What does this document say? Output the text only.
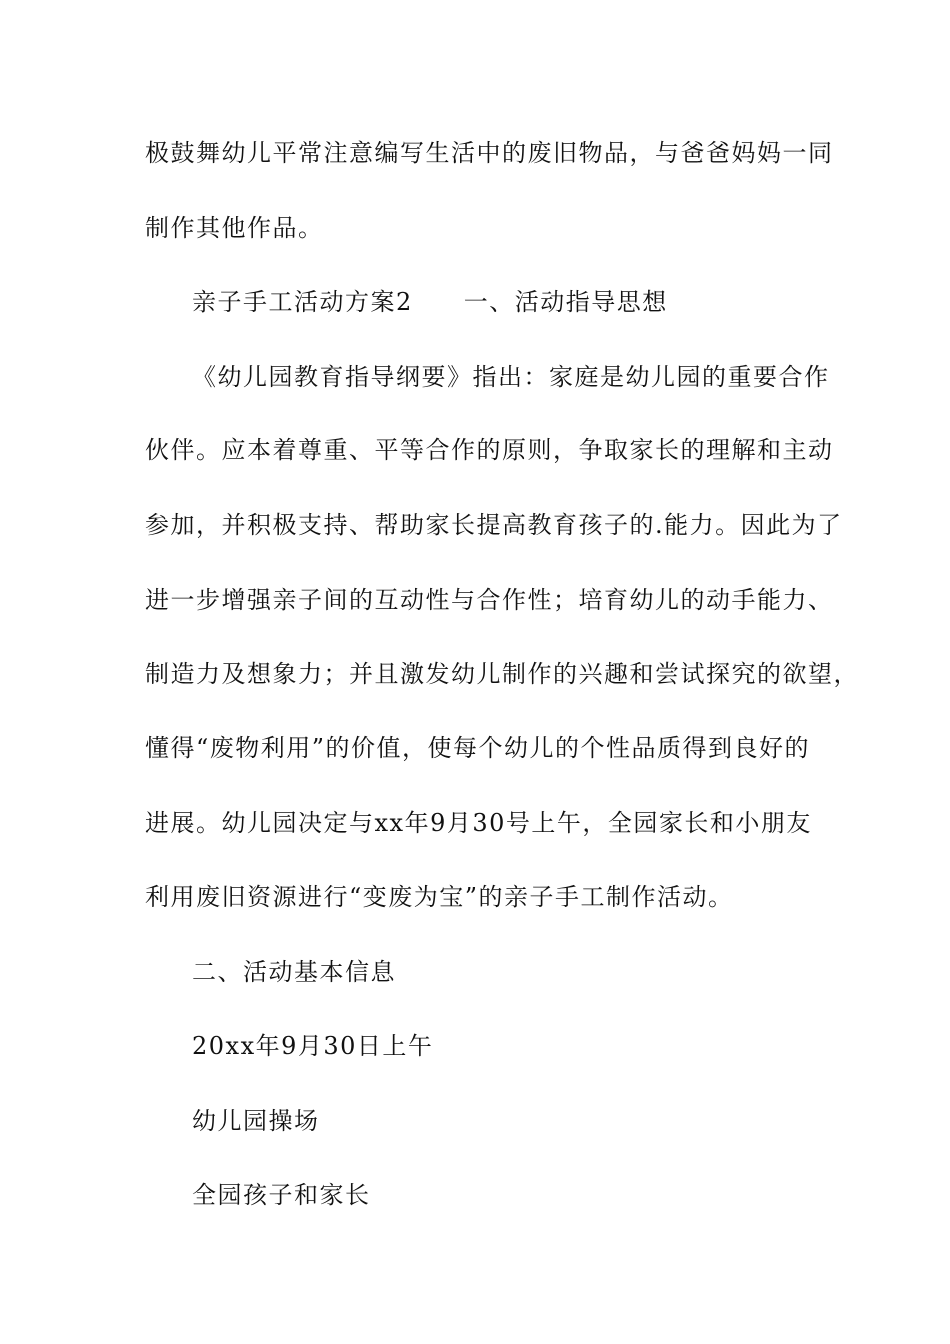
极鼓舞幼儿平常注意编写生活中的废旧物品，与爸爸妈妈一同
制作其他作品。
亲子手工活动方案2　　一、活动指导思想
《幼儿园教育指导纲要》指出：家庭是幼儿园的重要合作
伙伴。应本着尊重、平等合作的原则，争取家长的理解和主动
参加，并积极支持、帮助家长提高教育孩子的.能力。因此为了
进一步增强亲子间的互动性与合作性；培育幼儿的动手能力、
制造力及想象力；并且激发幼儿制作的兴趣和尝试探究的欲望，
懂得“废物利用”的价值，使每个幼儿的个性品质得到良好的
进展。幼儿园决定与xx年9月30号上午，全园家长和小朋友
利用废旧资源进行“变废为宝”的亲子手工制作活动。
二、活动基本信息
20xx年9月30日上午
幼儿园操场
全园孩子和家长
